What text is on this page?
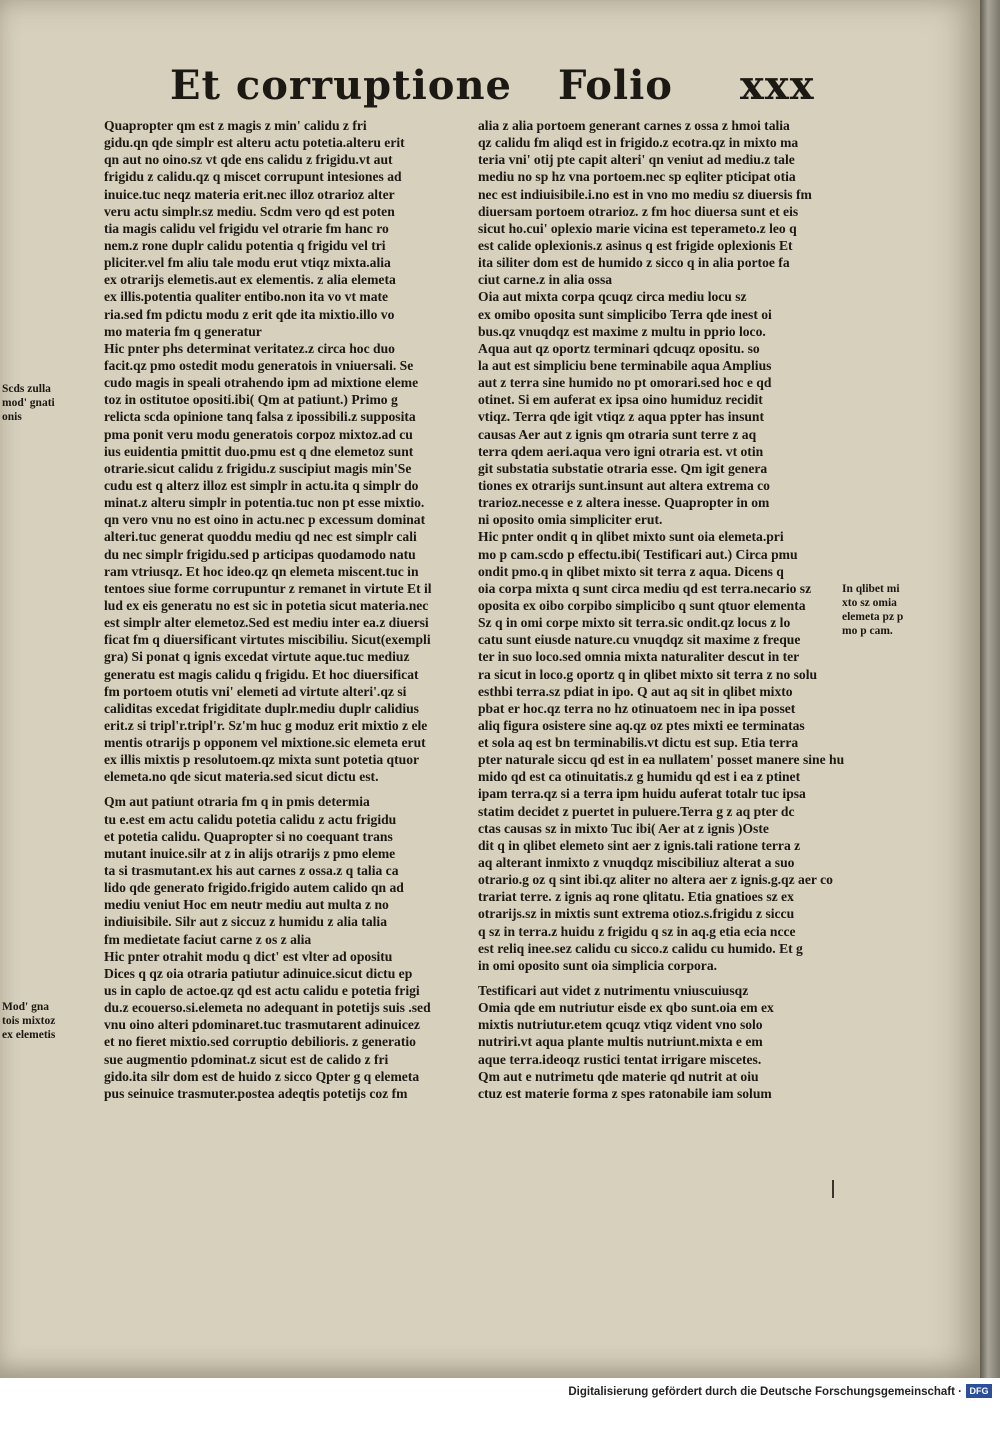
Et corruptione Folio xxx
Quapropter qm est z magis z min' calidu z fri
gidu.qn qde simplr est alteru actu potetia.alteru erit
qn aut no oino.sz vt qde ens calidu z frigidu.vt aut
frigidu z calidu.qz q miscet corrupunt intesiones ad
inuice.tuc neqz materia erit.nec illoz otrarioz alter
veru actu simplr.sz mediu. Scdm vero qd est poten
tia magis calidu vel frigidu vel otrarie fm hanc ro
nem.z rone duplr calidu potentia q frigidu vel tri
pliciter.vel fm aliu tale modu erut vtiqz mixta.alia
ex otrarijs elemetis.aut ex elementis. z alia elemeta
ex illis.potentia qualiter entibo.non ita vo vt mate
ria.sed fm pdictu modu z erit qde ita mixtio.illo vo
mo materia fm q generatur
Hic pnter phs determinat veritatez.z circa hoc duo
facit.qz pmo ostedit modu generatois in vniuersali. Se
cudo magis in speali otrahendo ipm ad mixtione eleme
toz in ostitutoe opositi.ibi( Qm at patiunt.) Primo g
relicta scda opinione tanq falsa z ipossibili.z supposita
pma ponit veru modu generatois corpoz mixtoz.ad cu
ius euidentia pmittit duo.pmu est q dne elemetoz sunt
otrarie.sicut calidu z frigidu.z suscipiut magis min'Se
cudu est q alterz illoz est simplr in actu.ita q simplr do
minat.z alteru simplr in potentia.tuc non pt esse mixtio.
qn vero vnu no est oino in actu.nec p excessum dominat
alteri.tuc generat quoddu mediu qd nec est simplr cali
du nec simplr frigidu.sed p articipas quodamodo natu
ram vtriusqz. Et hoc ideo.qz qn elemeta miscent.tuc in
tentoes siue forme corrupuntur z remanet in virtute Et il
lud ex eis generatu no est sic in potetia sicut materia.nec
est simplr alter elemetoz.Sed est mediu inter ea.z diuersi
ficat fm q diuersificant virtutes miscibiliu. Sicut(exempli
gra) Si ponat q ignis excedat virtute aque.tuc mediuz
generatu est magis calidu q frigidu. Et hoc diuersificat
fm portoem otutis vni' elemeti ad virtute alteri'.qz si
caliditas excedat frigiditate duplr.mediu duplr calidius
erit.z si tripl'r.tripl'r. Sz'm huc g moduz erit mixtio z ele
mentis otrarijs p opponem vel mixtione.sic elemeta erut
ex illis mixtis p resolutoem.qz mixta sunt potetia qtuor
elemeta.no qde sicut materia.sed sicut dictu est.
Qm aut patiunt otraria fm q in pmis determia
tu e.est em actu calidu potetia calidu z actu frigidu
et potetia calidu. Quapropter si no coequant trans
mutant inuice.silr at z in alijs otrarijs z pmo eleme
ta si trasmutant.ex his aut carnes z ossa.z q talia ca
lido qde generato frigido.frigido autem calido qn ad
mediu veniut Hoc em neutr mediu aut multa z no
indiuisibile. Silr aut z siccuz z humidu z alia talia
fm medietate faciut carne z os z alia
Hic pnter otrahit modu q dict' est vlter ad opositu
Dices q qz oia otraria patiutur adinuice.sicut dictu ep
us in caplo de actoe.qz qd est actu calidu e potetia frigi
du.z ecouerso.si.elemeta no adequant in potetijs suis .sed
vnu oino alteri pdominaret.tuc trasmutarent adinuicez
et no fieret mixtio.sed corruptio debilioris. z generatio
sue augmentio pdominat.z sicut est de calido z fri
gido.ita silr dom est de huido z sicco Qpter g q elemeta
pus seinuice trasmuter.postea adeqtis potetijs coz fm
alia z alia portoem generant carnes z ossa z hmoi talia
qz calidu fm aliqd est in frigido.z ecotra.qz in mixto ma
teria vni' otij pte capit alteri' qn veniut ad mediu.z tale
mediu no sp hz vna portoem.nec sp eqliter pticipat otia
nec est indiuisibile.i.no est in vno mo mediu sz diuersis fm
diuersam portoem otrarioz. z fm hoc diuersa sunt et eis
sicut ho.cui' oplexio marie vicina est teperameto.z leo q
est calide oplexionis.z asinus q est frigide oplexionis Et
ita siliter dom est de humido z sicco q in alia portoe fa
ciut carne.z in alia ossa
Oia aut mixta corpa qcuqz circa mediu locu sz
ex omibo oposita sunt simplicibo Terra qde inest oi
bus.qz vnuqdqz est maxime z multu in pprio loco.
Aqua aut qz oportz terminari qdcuqz opositu. so
la aut est simpliciu bene terminabile aqua Amplius
aut z terra sine humido no pt omorari.sed hoc e qd
otinet. Si em auferat ex ipsa oino humiduz recidit
vtiqz. Terra qde igit vtiqz z aqua ppter has insunt
causas Aer aut z ignis qm otraria sunt terre z aq
terra qdem aeri.aqua vero igni otraria est. vt otin
git substatia substatie otraria esse. Qm igit genera
tiones ex otrarijs sunt.insunt aut altera extrema co
trarioz.necesse e z altera inesse. Quapropter in om
ni oposito omia simpliciter erut.
Hic pnter ondit q in qlibet mixto sunt oia elemeta.pri
mo p cam.scdo p effectu.ibi( Testificari aut.) Circa pmu
ondit pmo.q in qlibet mixto sit terra z aqua. Dicens q
oia corpa mixta q sunt circa mediu qd est terra.necario sz
oposita ex oibo corpibo simplicibo q sunt qtuor elementa
Sz q in omi corpe mixto sit terra.sic ondit.qz locus z lo
catu sunt eiusde nature.cu vnuqdqz sit maxime z freque
ter in suo loco.sed omnia mixta naturaliter descut in ter
ra sicut in loco.g oportz q in qlibet mixto sit terra z no solu
esthbi terra.sz pdiat in ipo. Q aut aq sit in qlibet mixto
pbat er hoc.qz terra no hz otinuatoem nec in ipa posset
aliq figura osistere sine aq.qz oz ptes mixti ee terminatas
et sola aq est bn terminabilis.vt dictu est sup. Etia terra
pter naturale siccu qd est in ea nullatem' posset manere sine hu
mido qd est ca otinuitatis.z g humidu qd est i ea z ptinet
ipam terra.qz si a terra ipm huidu auferat totalr tuc ipsa
statim decidet z puertet in puluere.Terra g z aq pter dc
ctas causas sz in mixto Tuc ibi( Aer at z ignis )Oste
dit q in qlibet elemeto sint aer z ignis.tali ratione terra z
aq alterant inmixto z vnuqdqz miscibiliuz alterat a suo
otrario.g oz q sint ibi.qz aliter no altera aer z ignis.g.qz aer co
trariat terre. z ignis aq rone qlitatu. Etia gnatioes sz ex
otrarijs.sz in mixtis sunt extrema otioz.s.frigidu z siccu
q sz in terra.z huidu z frigidu q sz in aq.g etia ecia ncce
est reliq inee.sez calidu cu sicco.z calidu cu humido. Et g
in omi oposito sunt oia simplicia corpora.
Testificari aut videt z nutrimentu vniuscuiusqz
Omia qde em nutriutur eisde ex qbo sunt.oia em ex
mixtis nutriutur.etem qcuqz vtiqz vident vno solo
nutriri.vt aqua plante multis nutriunt.mixta e em
aque terra.ideoqz rustici tentat irrigare miscetes.
Qm aut e nutrimetu qde materie qd nutrit at oiu
ctuz est materie forma z spes ratonabile iam solum
Scds zulla
mod' gnati
onis
Mod' gna
tois mixtoz
ex elemetis
In qlibet mi
xto sz omia
elemeta pz p
mo p cam.
Digitalisierung gefördert durch die Deutsche Forschungsgemeinschaft · DFG
